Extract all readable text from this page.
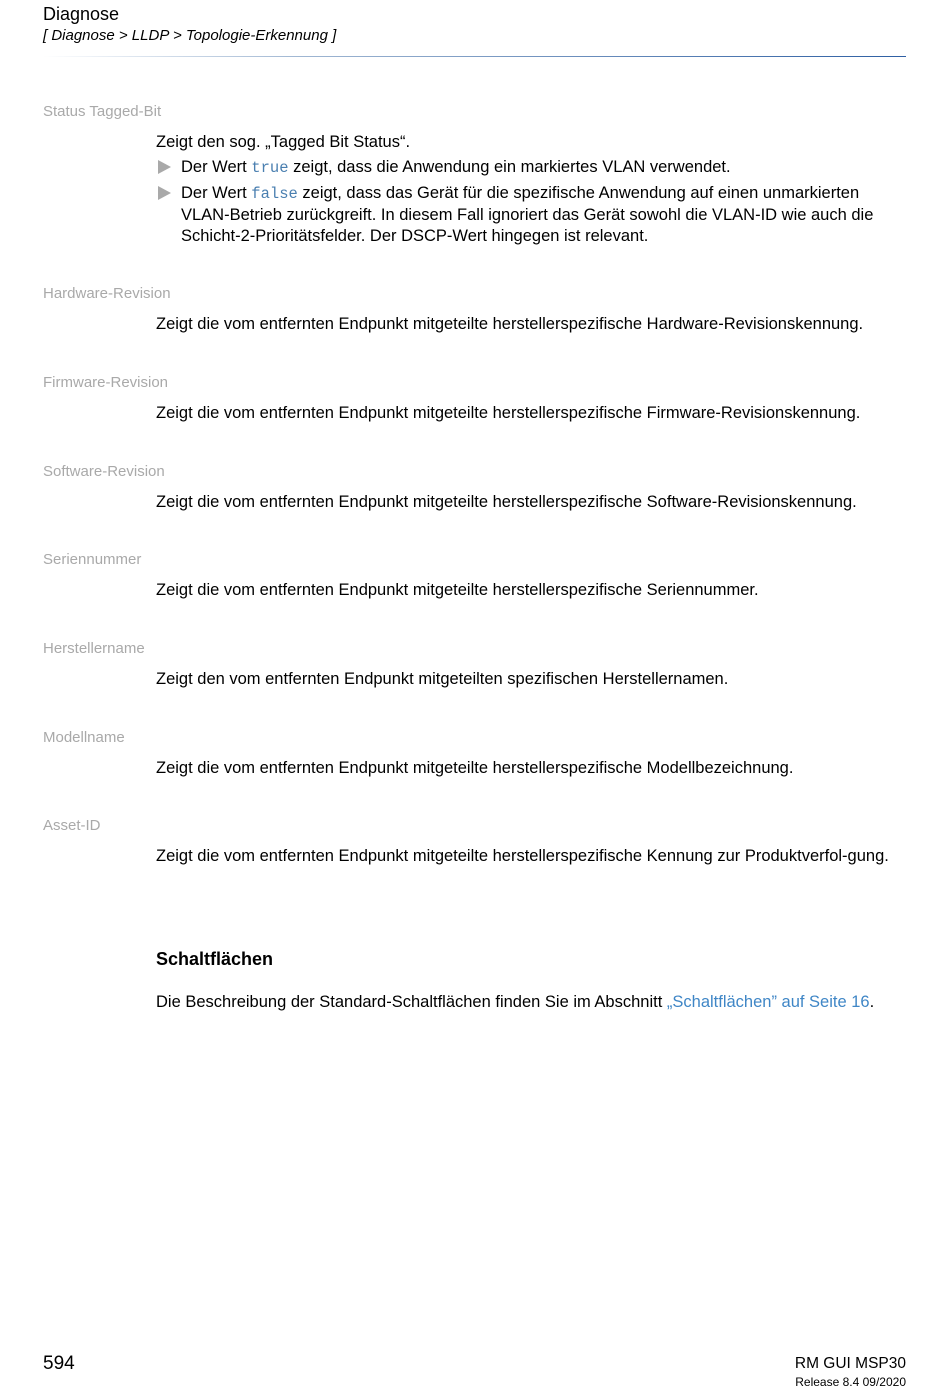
Diagnose
[ Diagnose > LLDP > Topologie-Erkennung ]
Status Tagged-Bit
Zeigt den sog. „Tagged Bit Status“.
Der Wert true zeigt, dass die Anwendung ein markiertes VLAN verwendet.
Der Wert false zeigt, dass das Gerät für die spezifische Anwendung auf einen unmarkierten VLAN-Betrieb zurückgreift. In diesem Fall ignoriert das Gerät sowohl die VLAN-ID wie auch die Schicht-2-Prioritätsfelder. Der DSCP-Wert hingegen ist relevant.
Hardware-Revision
Zeigt die vom entfernten Endpunkt mitgeteilte herstellerspezifische Hardware-Revisionskennung.
Firmware-Revision
Zeigt die vom entfernten Endpunkt mitgeteilte herstellerspezifische Firmware-Revisionskennung.
Software-Revision
Zeigt die vom entfernten Endpunkt mitgeteilte herstellerspezifische Software-Revisionskennung.
Seriennummer
Zeigt die vom entfernten Endpunkt mitgeteilte herstellerspezifische Seriennummer.
Herstellername
Zeigt den vom entfernten Endpunkt mitgeteilten spezifischen Herstellernamen.
Modellname
Zeigt die vom entfernten Endpunkt mitgeteilte herstellerspezifische Modellbezeichnung.
Asset-ID
Zeigt die vom entfernten Endpunkt mitgeteilte herstellerspezifische Kennung zur Produktverfol-gung.
Schaltflächen
Die Beschreibung der Standard-Schaltflächen finden Sie im Abschnitt „Schaltflächen” auf Seite 16.
594	RM GUI MSP30
Release 8.4 09/2020
